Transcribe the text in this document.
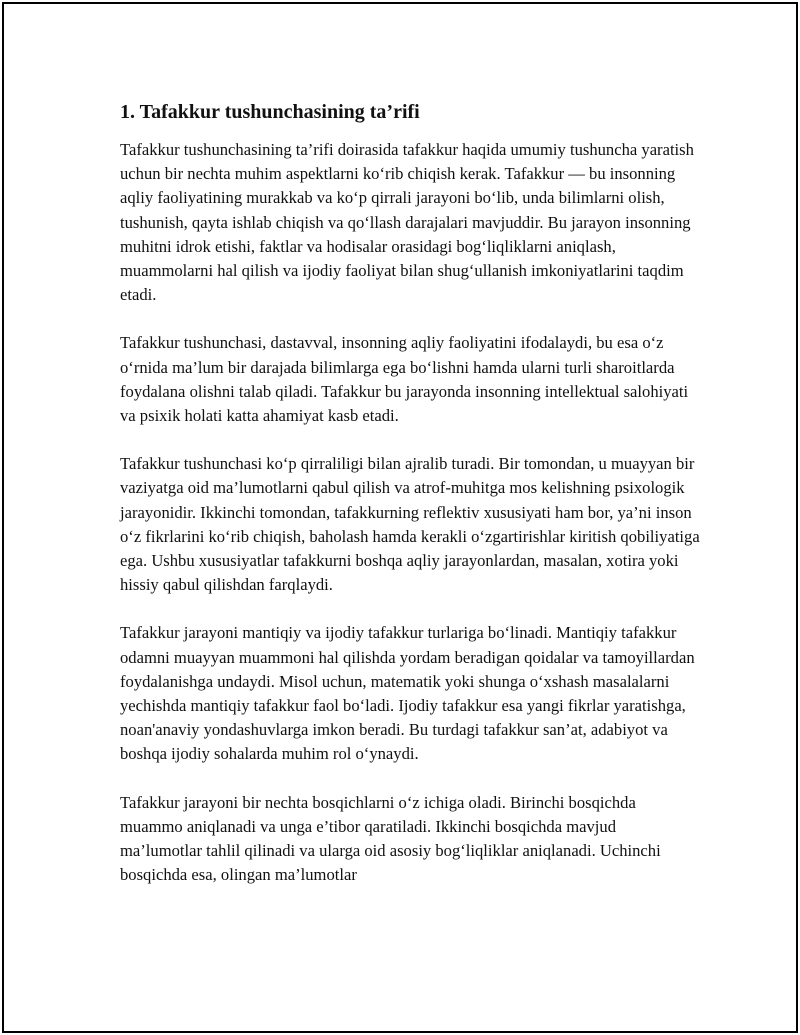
1. Tafakkur tushunchasining ta’rifi

Tafakkur tushunchasining ta’rifi doirasida tafakkur haqida umumiy tushuncha yaratish uchun bir nechta muhim aspektlarni ko‘rib chiqish kerak. Tafakkur — bu insonning aqliy faoliyatining murakkab va ko‘p qirrali jarayoni bo‘lib, unda bilimlarni olish, tushunish, qayta ishlab chiqish va qo‘llash darajalari mavjuddir. Bu jarayon insonning muhitni idrok etishi, faktlar va hodisalar orasidagi bog‘liqliklarni aniqlash, muammolarni hal qilish va ijodiy faoliyat bilan shug‘ullanish imkoniyatlarini taqdim etadi.

Tafakkur tushunchasi, dastavval, insonning aqliy faoliyatini ifodalaydi, bu esa o‘z o‘rnida ma’lum bir darajada bilimlarga ega bo‘lishni hamda ularni turli sharoitlarda foydalana olishni talab qiladi. Tafakkur bu jarayonda insonning intellektual salohiyati va psixik holati katta ahamiyat kasb etadi.

Tafakkur tushunchasi ko‘p qirraliligi bilan ajralib turadi. Bir tomondan, u muayyan bir vaziyatga oid ma’lumotlarni qabul qilish va atrof-muhitga mos kelishning psixologik jarayonidir. Ikkinchi tomondan, tafakkurning reflektiv xususiyati ham bor, ya’ni inson o‘z fikrlarini ko‘rib chiqish, baholash hamda kerakli o‘zgartirishlar kiritish qobiliyatiga ega. Ushbu xususiyatlar tafakkurni boshqa aqliy jarayonlardan, masalan, xotira yoki hissiy qabul qilishdan farqlaydi.

Tafakkur jarayoni mantiqiy va ijodiy tafakkur turlariga bo‘linadi. Mantiqiy tafakkur odamni muayyan muammoni hal qilishda yordam beradigan qoidalar va tamoyillardan foydalanishga undaydi. Misol uchun, matematik yoki shunga o‘xshash masalalarni yechishda mantiqiy tafakkur faol bo‘ladi. Ijodiy tafakkur esa yangi fikrlar yaratishga, noan'anaviy yondashuvlarga imkon beradi. Bu turdagi tafakkur san’at, adabiyot va boshqa ijodiy sohalarda muhim rol o‘ynaydi.

Tafakkur jarayoni bir nechta bosqichlarni o‘z ichiga oladi. Birinchi bosqichda muammo aniqlanadi va unga e’tibor qaratiladi. Ikkinchi bosqichda mavjud ma’lumotlar tahlil qilinadi va ularga oid asosiy bog‘liqliklar aniqlanadi. Uchinchi bosqichda esa, olingan ma’lumotlar
